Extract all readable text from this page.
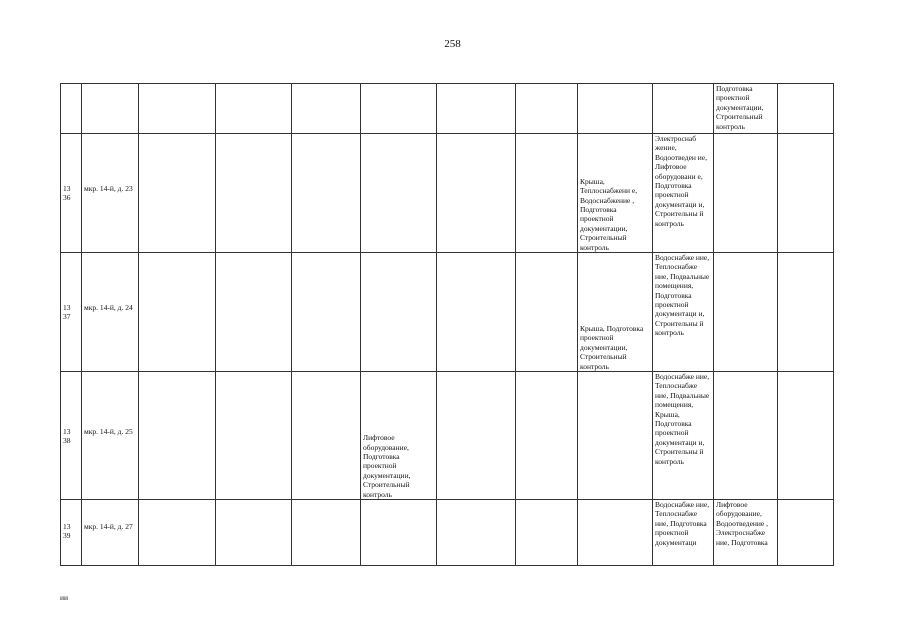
258
										Подготовка проектной документации, Строительный контроль	
13
36	мкр. 14-й, д. 23							Крыша, Теплоснабжени е, Водоснабжение , Подготовка проектной документации, Строительный контроль	Электроснаб жение, Водоотведен ие, Лифтовое оборудовани е, Подготовка проектной документаци и, Строительны й контроль		
13
37	мкр. 14-й, д. 24							Крыша, Подготовка проектной документации, Строительный контроль	Водоснабже ние, Теплоснабже ние, Подвальные помещения, Подготовка проектной документаци и, Строительны й контроль		
13
38	мкр. 14-й, д. 25				Лифтовое оборудование, Подготовка проектной документации, Строительный контроль				Водоснабже ние, Теплоснабже ние, Подвальные помещения, Крыша, Подготовка проектной документаци и, Строительны й контроль		
13
39	мкр. 14-й, д. 27								Водоснабже ние, Теплоснабже ние, Подготовка проектной документаци	Лифтовое оборудование, Водоотведение , Электроснабже ние, Подготовка	
ии
